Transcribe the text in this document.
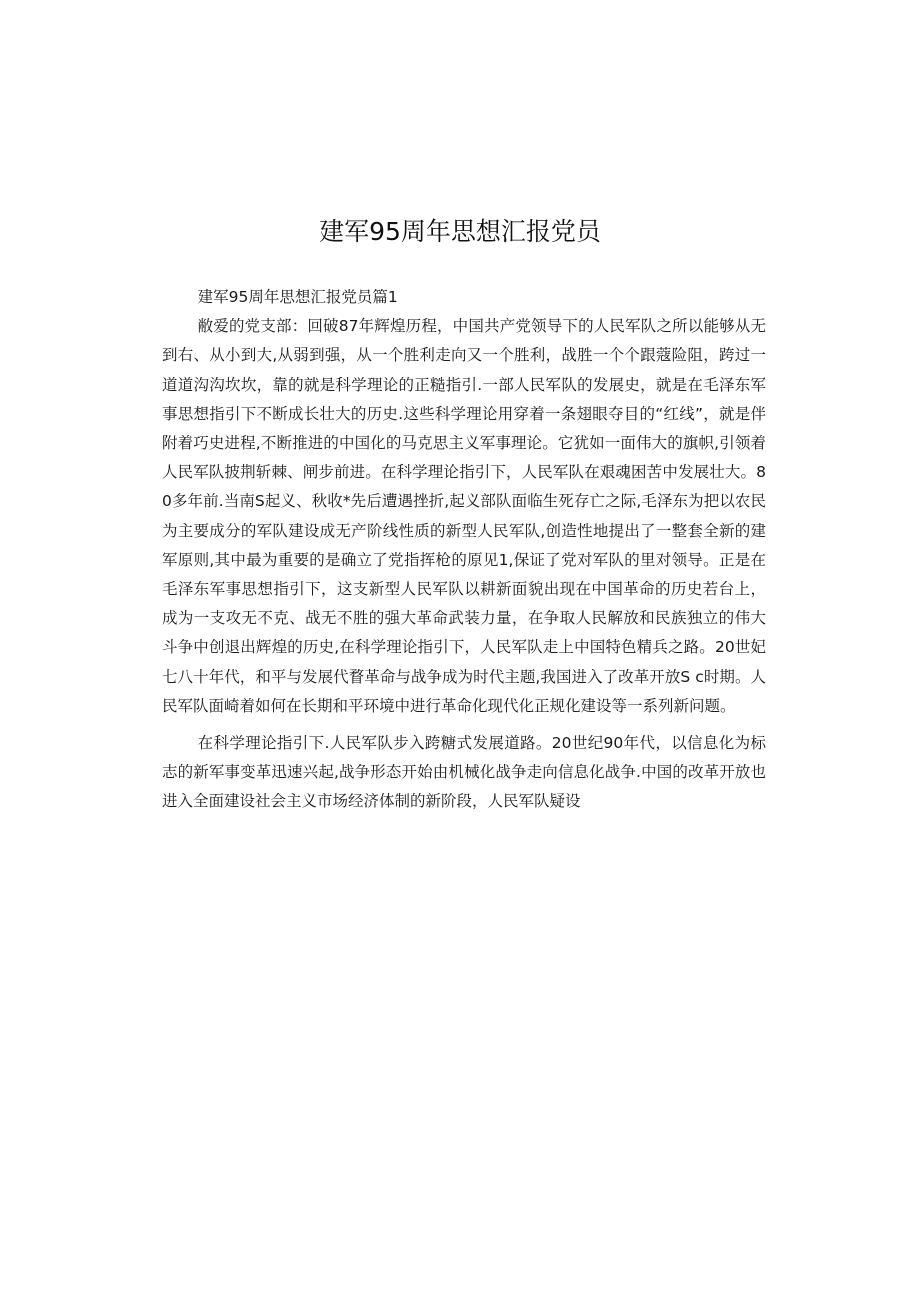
建军95周年思想汇报党员

建军95周年思想汇报党员篇1

敝爱的党支部：回破87年辉煌历程，中国共产党领导下的人民军队之所以能够从无到右、从小到大,从弱到强，从一个胜利走向又一个胜利，战胜一个个跟蔻险阻，跨过一道道沟沟坎坎，靠的就是科学理论的正糙指引.一部人民军队的发展史，就是在毛泽东军事思想指引下不断成长壮大的历史.这些科学理论用穿着一条翅眼夺目的“红线”，就是伴附着巧史进程,不断推进的中国化的马克思主义军事理论。它犹如一面伟大的旗帜,引领着人民军队披荆斩棘、闸步前进。在科学理论指引下，人民军队在艰魂困苦中发展壮大。80多年前.当南S起义、秋收*先后遭遇挫折,起义部队面临生死存亡之际,毛泽东为把以农民为主要成分的军队建设成无产阶线性质的新型人民军队,创造性地提出了一整套全新的建军原则,其中最为重要的是确立了党指挥枪的原见1,保证了党对军队的里对领导。正是在毛泽东军事思想指引下，这支新型人民军队以耕新面貌出现在中国革命的历史若台上，成为一支攻无不克、战无不胜的强大革命武装力量，在争取人民解放和民族独立的伟大斗争中创退出辉煌的历史,在科学理论指引下，人民军队走上中国特色精兵之路。20世妃七八十年代，和平与发展代瞀革命与战争成为时代主题,我国进入了改革开放S c时期。人民军队面崎着如何在长期和平环境中进行革命化现代化正规化建设等一系列新问题。

在科学理论指引下.人民军队步入跨糖式发展道路。20世纪90年代，以信息化为标志的新军事变革迅速兴起,战争形态开始由机械化战争走向信息化战争.中国的改革开放也进入全面建设社会主义市场经济体制的新阶段，人民军队疑设
